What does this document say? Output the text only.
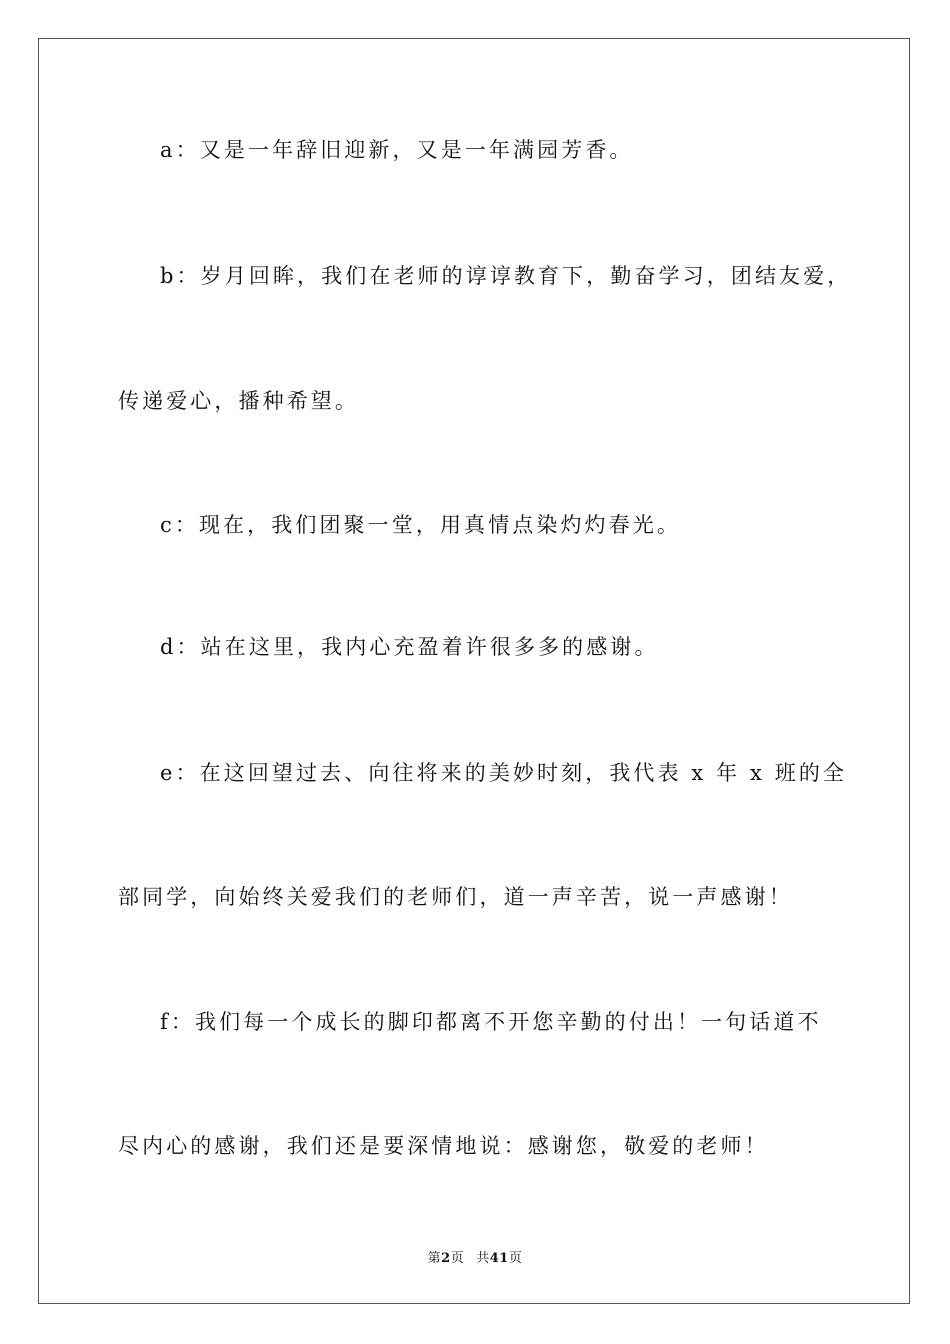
a：又是一年辞旧迎新，又是一年满园芳香。
b：岁月回眸，我们在老师的谆谆教育下，勤奋学习，团结友爱，
传递爱心，播种希望。
c：现在，我们团聚一堂，用真情点染灼灼春光。
d：站在这里，我内心充盈着许很多多的感谢。
e：在这回望过去、向往将来的美妙时刻，我代表 x 年 x 班的全
部同学，向始终关爱我们的老师们，道一声辛苦，说一声感谢！
f：我们每一个成长的脚印都离不开您辛勤的付出！一句话道不
尽内心的感谢，我们还是要深情地说：感谢您，敬爱的老师！
第2页 共41页
